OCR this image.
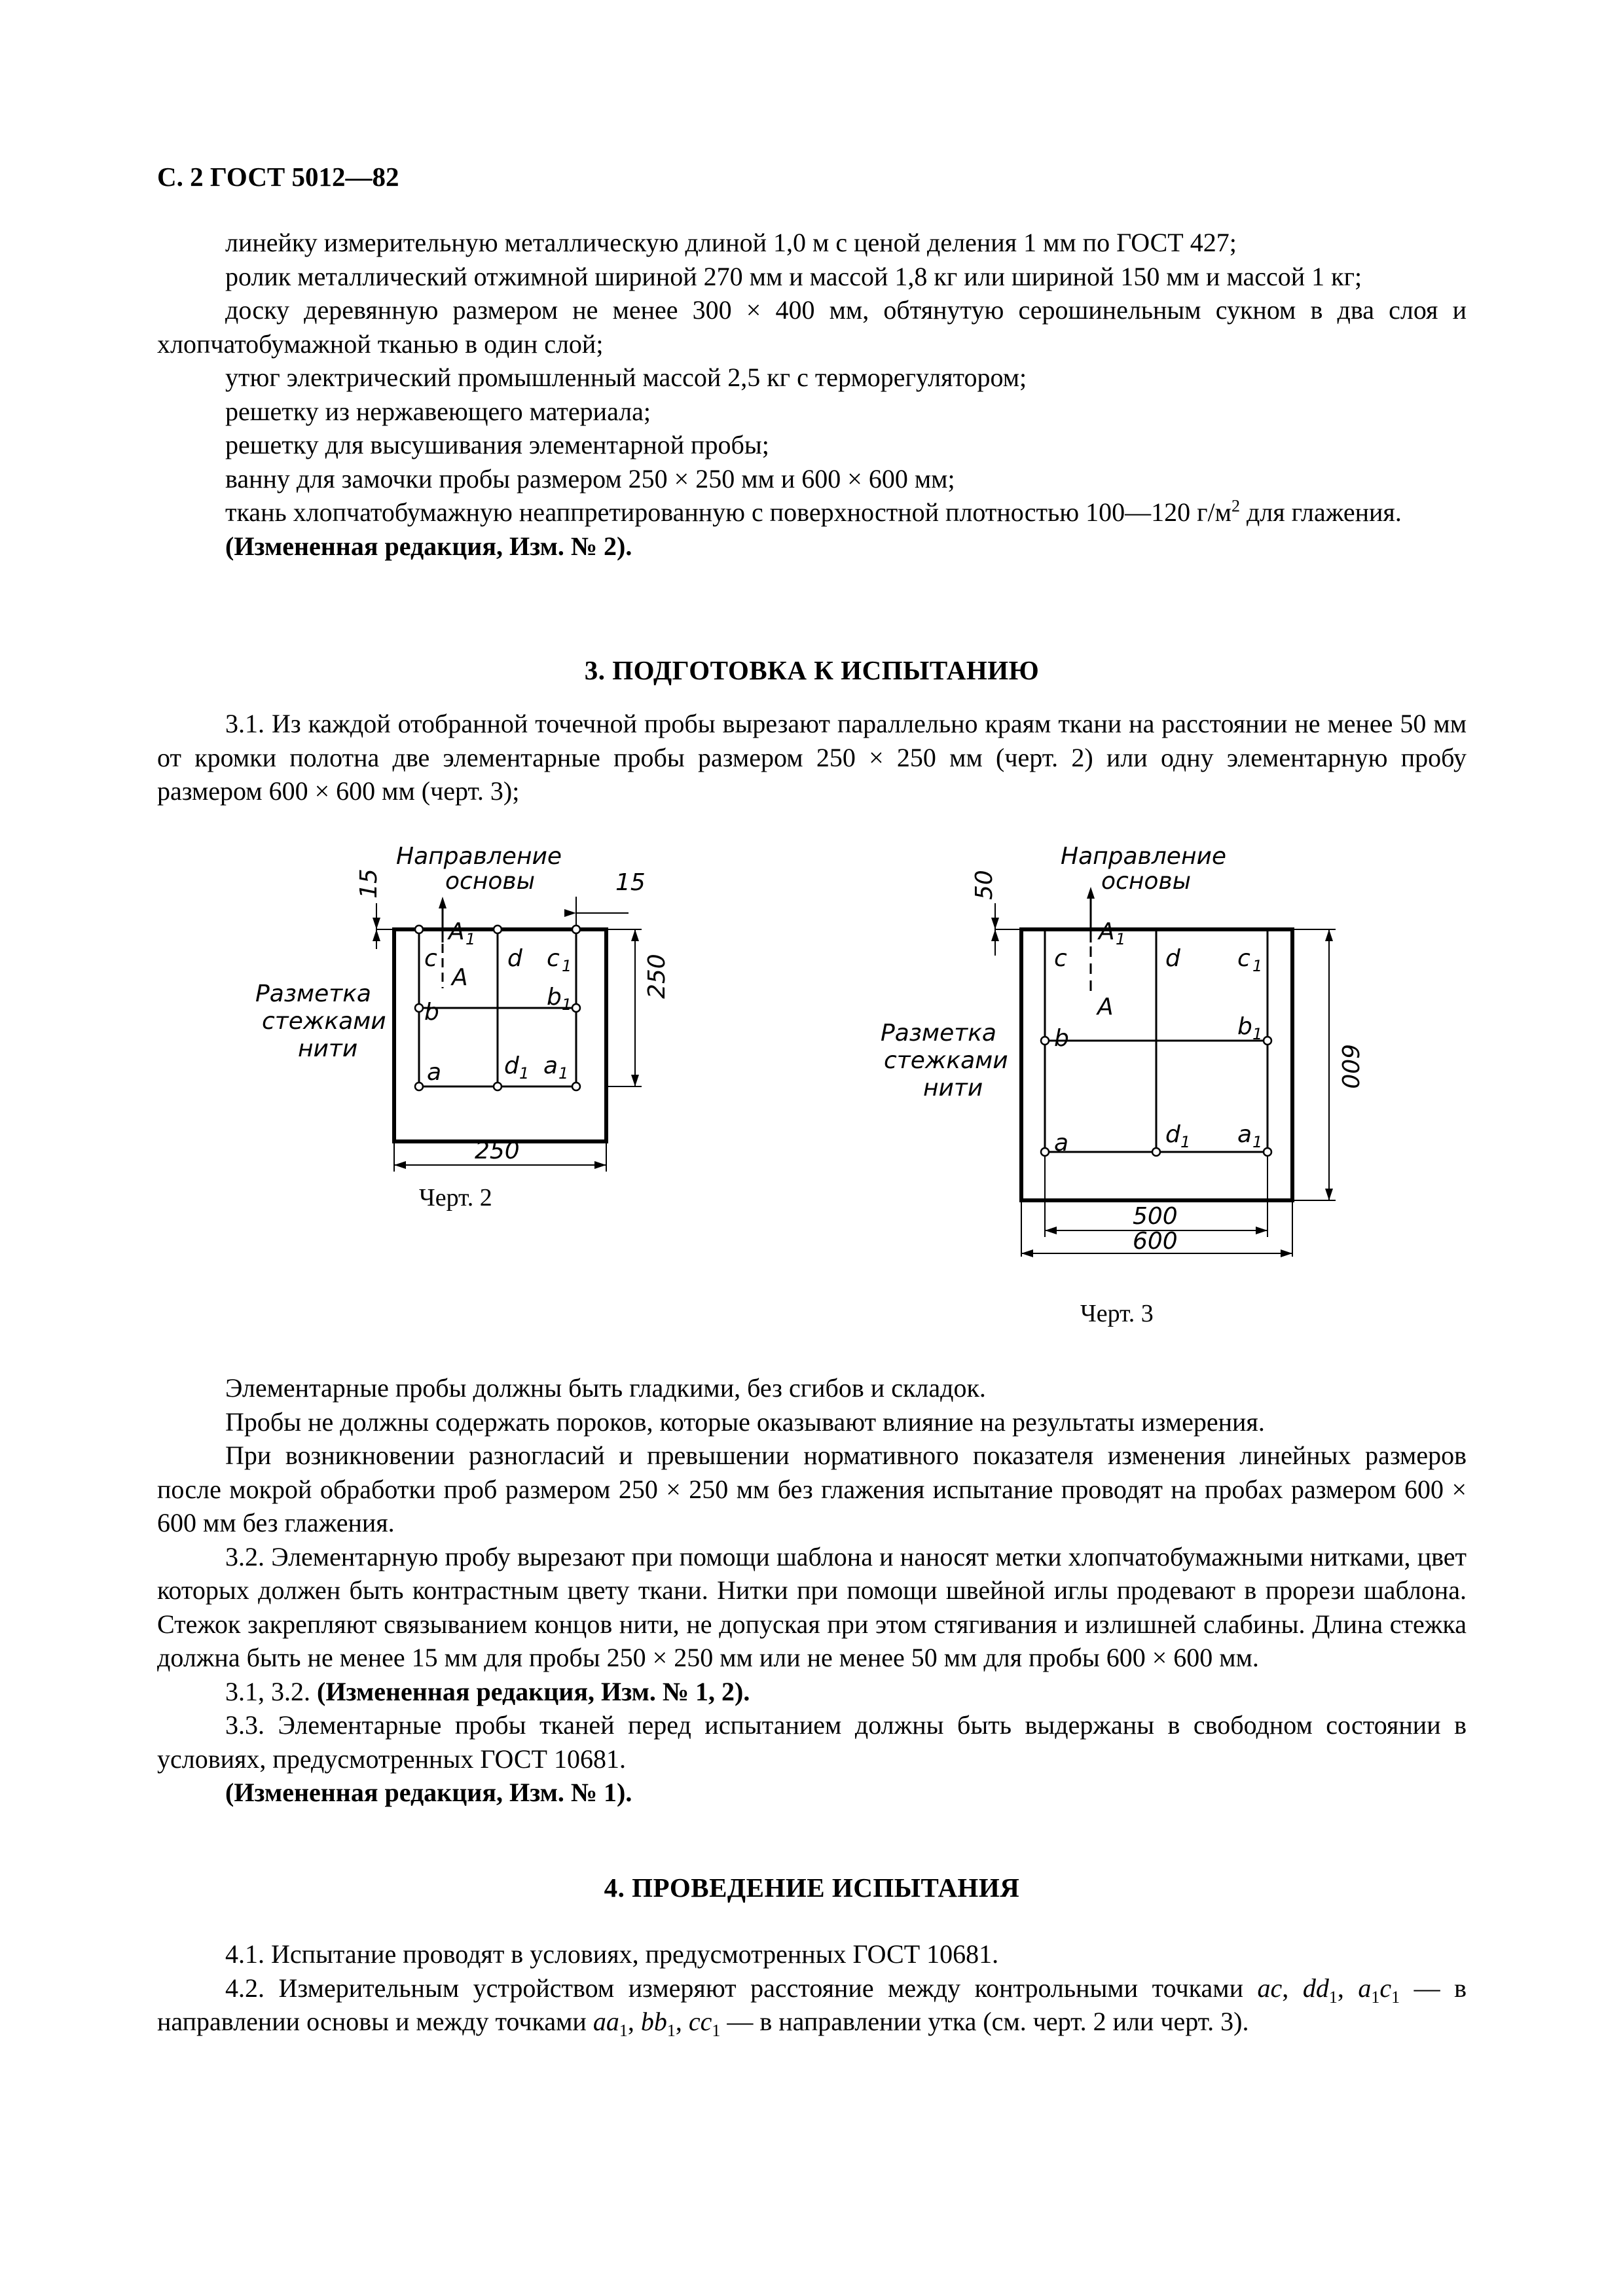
С. 2 ГОСТ 5012—82

линейку измерительную металлическую длиной 1,0 м с ценой деления 1 мм по ГОСТ 427;

ролик металлический отжимной шириной 270 мм и массой 1,8 кг или шириной 150 мм и массой 1 кг;

доску деревянную размером не менее 300 × 400 мм, обтянутую серошинельным сукном в два слоя и хлопчатобумажной тканью в один слой;

утюг электрический промышленный массой 2,5 кг с терморегулятором;

решетку из нержавеющего материала;

решетку для высушивания элементарной пробы;

ванну для замочки пробы размером 250 × 250 мм и 600 × 600 мм;

ткань хлопчатобумажную неаппретированную с поверхностной плотностью 100—120 $г/м^2$ для глажения.

(Измененная редакция, Изм. № 2).

3. ПОДГОТОВКА К ИСПЫТАНИЮ

3.1. Из каждой отобранной точечной пробы вырезают параллельно краям ткани на расстоянии не менее 50 мм от кромки полотна две элементарные пробы размером 250 × 250 мм (черт. 2) или одну элементарную пробу размером 600 × 600 мм (черт. 3);

Направление
основы
15	15
250
250
Разметка
стежками
нити
A 1
A
c	d c 1
b
b 1
a	d 1 a 1
Черт. 2
Направление
основы
50
600
500
600
Разметка
стежками
нити
A 1
A
c	d c 1
b	b 1
a	d 1 a 1
Черт. 3

Элементарные пробы должны быть гладкими, без сгибов и складок.

Пробы не должны содержать пороков, которые оказывают влияние на результаты измерения.

При возникновении разногласий и превышении нормативного показателя изменения линейных размеров после мокрой обработки проб размером 250 × 250 мм без глажения испытание проводят на пробах размером 600 × 600 мм без глажения.

3.2. Элементарную пробу вырезают при помощи шаблона и наносят метки хлопчатобумажными нитками, цвет которых должен быть контрастным цвету ткани. Нитки при помощи швейной иглы продевают в прорези шаблона. Стежок закрепляют связыванием концов нити, не допуская при этом стягивания и излишней слабины. Длина стежка должна быть не менее 15 мм для пробы 250 × 250 мм или не менее 50 мм для пробы 600 × 600 мм.

3.1, 3.2. (Измененная редакция, Изм. № 1, 2).

3.3. Элементарные пробы тканей перед испытанием должны быть выдержаны в свободном состоянии в условиях, предусмотренных ГОСТ 10681.

(Измененная редакция, Изм. № 1).

4. ПРОВЕДЕНИЕ ИСПЫТАНИЯ

4.1. Испытание проводят в условиях, предусмотренных ГОСТ 10681.

4.2. Измерительным устройством измеряют расстояние между контрольными точками ac, $dd_1$, $a_1c_1$ — в направлении основы и между точками $aa_1$, $bb_1$, $cc_1$ — в направлении утка (см. черт. 2 или черт. 3).
